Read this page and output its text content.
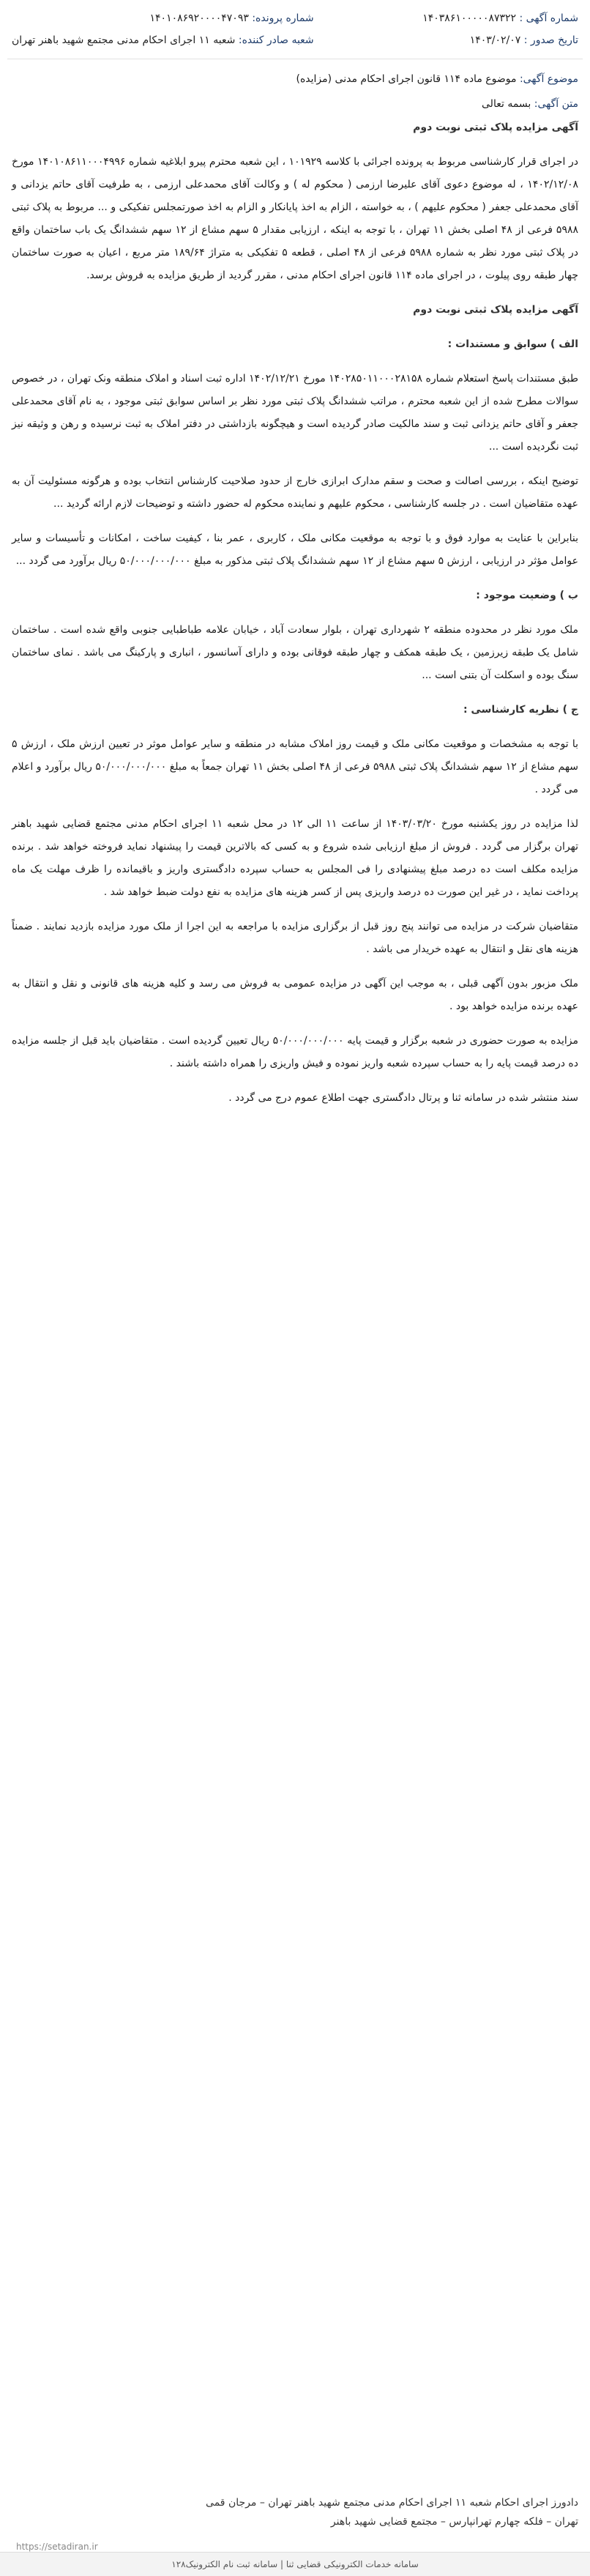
شماره آگهی : ۱۴۰۳۸۶۱۰۰۰۰۰۸۷۳۲۲
تاریخ صدور : ۱۴۰۳/۰۲/۰۷
شماره پرونده: ۱۴۰۱۰۸۶۹۲۰۰۰۰۴۷۰۹۳
شعبه صادر کننده: شعبه ۱۱ اجرای احکام مدنی مجتمع شهید باهنر تهران
موضوع آگهی: موضوع ماده ۱۱۴ قانون اجرای احکام مدنی (مزایده)
متن آگهی: بسمه تعالی

آگهی مزایده پلاک ثبتی نوبت دوم

در اجرای قرار کارشناسی مربوط به پرونده اجرائی با کلاسه ۱۰۱۹۲۹ ، این شعبه محترم پیرو ابلاغیه شماره ۱۴۰۱۰۸۶۱۱۰۰۰۴۹۹۶ مورخ ۱۴۰۲/۱۲/۰۸ ، له موضوع دعوی آقای علیرضا ارزمی ( محکوم له ) و وکالت آقای محمدعلی ارزمی ، به طرفیت آقای حاتم یزدانی و آقای محمدعلی جعفر ( محکوم علیهم ) ، به خواسته ، الزام به اخذ پایانکار و الزام به اخذ صورتمجلس تفکیکی و ... مربوط به پلاک ثبتی ۵۹۸۸ فرعی از ۴۸ اصلی بخش ۱۱ تهران ، با توجه به اینکه ، ارزیابی مقدار ۵ سهم مشاع از ۱۲ سهم ششدانگ یک باب ساختمان واقع در پلاک ثبتی مورد نظر به شماره ۵۹۸۸ فرعی از ۴۸ اصلی ، قطعه ۵ تفکیکی به متراژ ۱۸۹/۶۴ متر مربع ، اعیان به صورت ساختمان چهار طبقه روی پیلوت ، در اجرای ماده ۱۱۴ قانون اجرای احکام مدنی ، مقرر گردید از طریق مزایده به فروش برسد.

آگهی مزایده پلاک ثبتی نوبت دوم

الف ) سوابق و مستندات :

طبق مستندات پاسخ استعلام شماره ۱۴۰۲۸۵۰۱۱۰۰۰۲۸۱۵۸ مورخ ۱۴۰۲/۱۲/۲۱ اداره ثبت اسناد و املاک منطقه ونک تهران ، در خصوص سوالات مطرح شده از این شعبه محترم ، مراتب ششدانگ پلاک ثبتی مورد نظر بر اساس سوابق ثبتی موجود ، به نام آقای محمدعلی جعفر و آقای حاتم یزدانی ثبت و سند مالکیت صادر گردیده است و هیچگونه بازداشتی در دفتر املاک به ثبت نرسیده و رهن و وثیقه نیز ثبت نگردیده است ...

توضیح اینکه ، بررسی اصالت و صحت و سقم مدارک ابرازی خارج از حدود صلاحیت کارشناس انتخاب بوده و هرگونه مسئولیت آن به عهده متقاضیان است . در جلسه کارشناسی ، محکوم علیهم و نماینده محکوم له حضور داشته و توضیحات لازم ارائه گردید ...

بنابراین با عنایت به موارد فوق و با توجه به موقعیت مکانی ملک ، کاربری ، عمر بنا ، کیفیت ساخت ، امکانات و تأسیسات و سایر عوامل مؤثر در ارزیابی ، ارزش ۵ سهم مشاع از ۱۲ سهم ششدانگ پلاک ثبتی مذکور به مبلغ ۵۰/۰۰۰/۰۰۰/۰۰۰ ریال برآورد می گردد ...

ب ) وضعیت موجود :

ملک مورد نظر در محدوده منطقه ۲ شهرداری تهران ، بلوار سعادت آباد ، خیابان علامه طباطبایی جنوبی واقع شده است . ساختمان شامل یک طبقه زیرزمین ، یک طبقه همکف و چهار طبقه فوقانی بوده و دارای آسانسور ، انباری و پارکینگ می باشد . نمای ساختمان سنگ بوده و اسکلت آن بتنی است ...

ج ) نظریه کارشناسی :

با توجه به مشخصات و موقعیت مکانی ملک و قیمت روز املاک مشابه در منطقه و سایر عوامل موثر در تعیین ارزش ملک ، ارزش ۵ سهم مشاع از ۱۲ سهم ششدانگ پلاک ثبتی ۵۹۸۸ فرعی از ۴۸ اصلی بخش ۱۱ تهران جمعاً به مبلغ ۵۰/۰۰۰/۰۰۰/۰۰۰ ریال برآورد و اعلام می گردد .

لذا مزایده در روز یکشنبه مورخ ۱۴۰۳/۰۳/۲۰ از ساعت ۱۱ الی ۱۲ در محل شعبه ۱۱ اجرای احکام مدنی مجتمع قضایی شهید باهنر تهران برگزار می گردد . فروش از مبلغ ارزیابی شده شروع و به کسی که بالاترین قیمت را پیشنهاد نماید فروخته خواهد شد . برنده مزایده مکلف است ده درصد مبلغ پیشنهادی را فی المجلس به حساب سپرده دادگستری واریز و باقیمانده را ظرف مهلت یک ماه پرداخت نماید ، در غیر این صورت ده درصد واریزی پس از کسر هزینه های مزایده به نفع دولت ضبط خواهد شد .

متقاضیان شرکت در مزایده می توانند پنج روز قبل از برگزاری مزایده با مراجعه به این اجرا از ملک مورد مزایده بازدید نمایند . ضمناً هزینه های نقل و انتقال به عهده خریدار می باشد .

ملک مزبور بدون آگهی قبلی ، به موجب این آگهی در مزایده عمومی به فروش می رسد و کلیه هزینه های قانونی و نقل و انتقال به عهده برنده مزایده خواهد بود .

مزایده به صورت حضوری در شعبه برگزار و قیمت پایه ۵۰/۰۰۰/۰۰۰/۰۰۰ ریال تعیین گردیده است . متقاضیان باید قبل از جلسه مزایده ده درصد قیمت پایه را به حساب سپرده شعبه واریز نموده و فیش واریزی را همراه داشته باشند .

سند منتشر شده در سامانه ثنا و پرتال دادگستری جهت اطلاع عموم درج می گردد .

دادورز اجرای احکام شعبه ۱۱ اجرای احکام مدنی مجتمع شهید باهنر تهران – مرجان قمی
تهران – فلکه چهارم تهرانپارس – مجتمع قضایی شهید باهنر
https://setadiran.ir
سامانه خدمات الکترونیکی قضایی ثنا | سامانه ثبت نام الکترونیک۱۲۸
